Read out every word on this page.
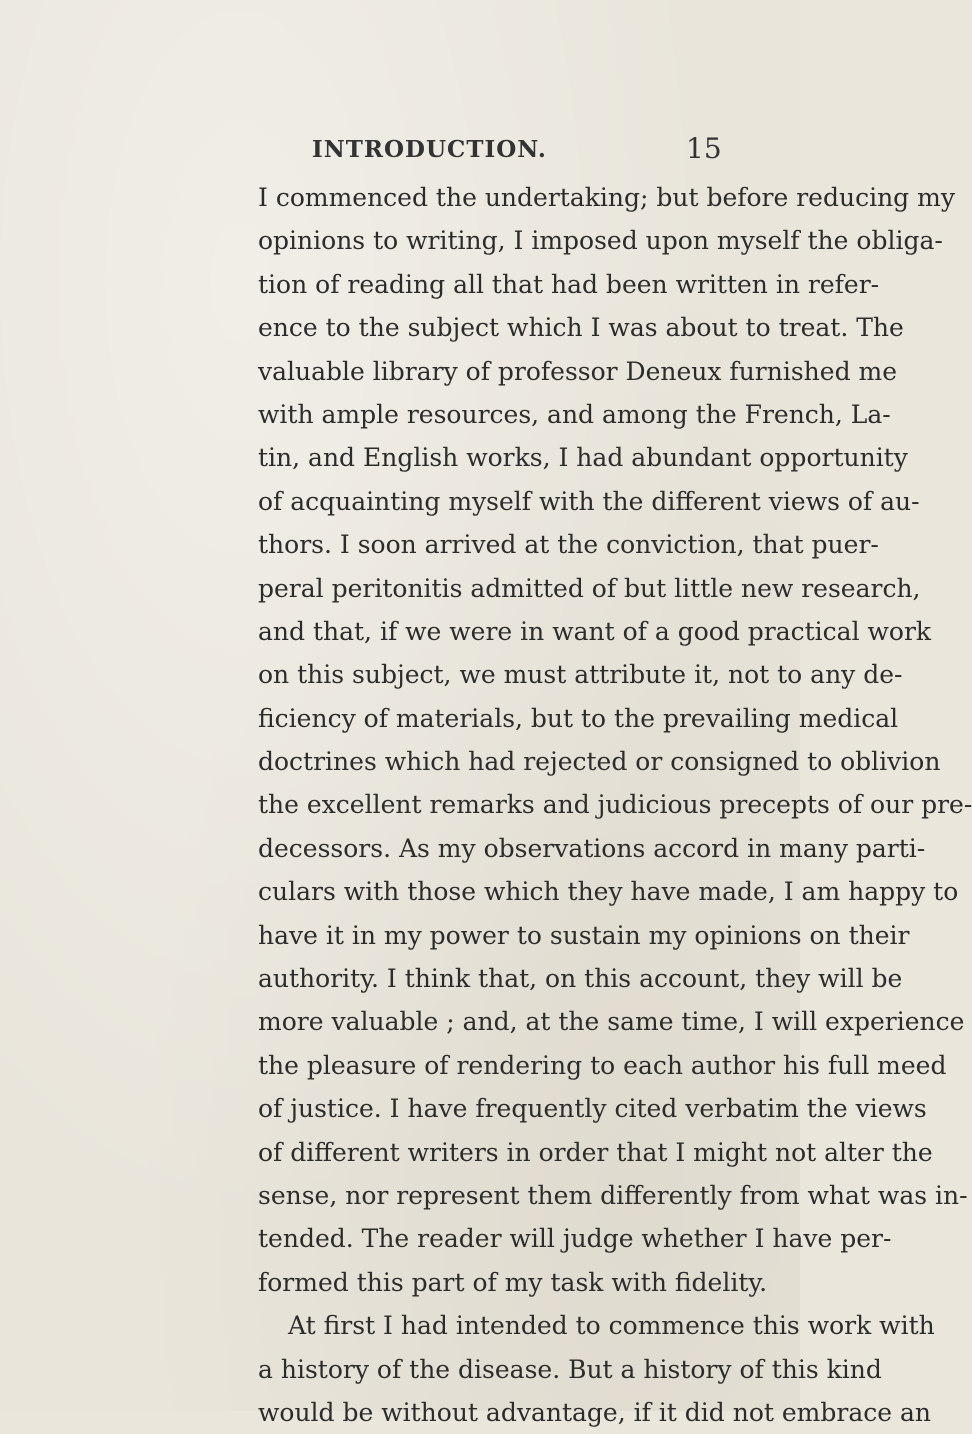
INTRODUCTION.	15
I commenced the undertaking; but before reducing my
opinions to writing, I imposed upon myself the obliga-
tion of reading all that had been written in refer-
ence to the subject which I was about to treat. The
valuable library of professor Deneux furnished me
with ample resources, and among the French, La-
tin, and English works, I had abundant opportunity
of acquainting myself with the different views of au-
thors. I soon arrived at the conviction, that puer-
peral peritonitis admitted of but little new research,
and that, if we were in want of a good practical work
on this subject, we must attribute it, not to any de-
ficiency of materials, but to the prevailing medical
doctrines which had rejected or consigned to oblivion
the excellent remarks and judicious precepts of our pre-
decessors. As my observations accord in many parti-
culars with those which they have made, I am happy to
have it in my power to sustain my opinions on their
authority. I think that, on this account, they will be
more valuable ; and, at the same time, I will experience
the pleasure of rendering to each author his full meed
of justice. I have frequently cited verbatim the views
of different writers in order that I might not alter the
sense, nor represent them differently from what was in-
tended. The reader will judge whether I have per-
formed this part of my task with fidelity.
At first I had intended to commence this work with
a history of the disease. But a history of this kind
would be without advantage, if it did not embrace an
